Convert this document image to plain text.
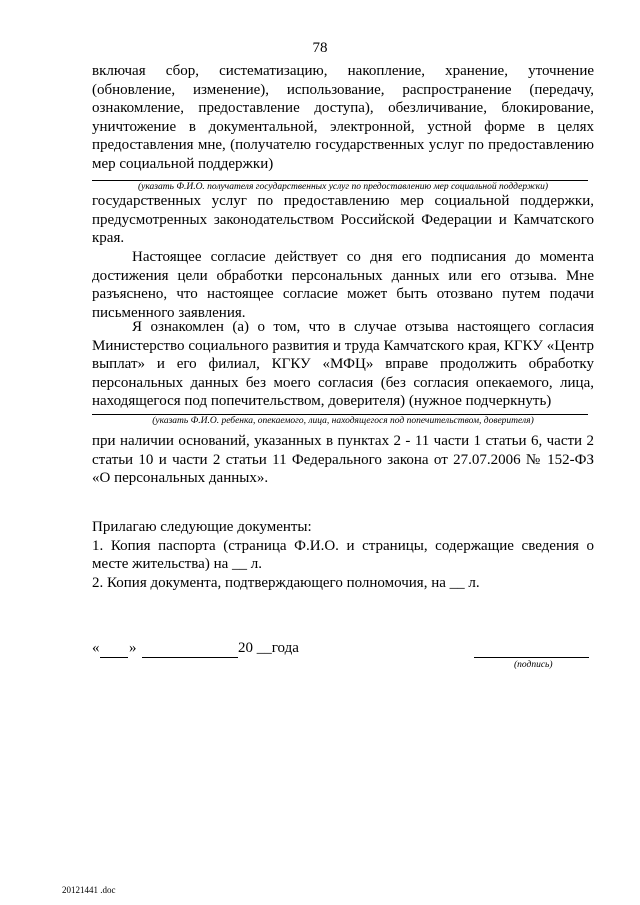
78

включая сбор, систематизацию, накопление, хранение, уточнение (обновление, изменение), использование, распространение (передачу, ознакомление, предоставление доступа), обезличивание, блокирование, уничтожение в документальной, электронной, устной форме в целях предоставления мне, (получателю государственных услуг по предоставлению мер социальной поддержки)

(указать Ф.И.О. получателя государственных услуг по предоставлению мер социальной поддержки)

государственных услуг по предоставлению мер социальной поддержки, предусмотренных законодательством Российской Федерации и Камчатского края.

Настоящее согласие действует со дня его подписания до момента достижения цели обработки персональных данных или его отзыва. Мне разъяснено, что настоящее согласие может быть отозвано путем подачи письменного заявления.

Я ознакомлен (а) о том, что в случае отзыва настоящего согласия Министерство социального развития и труда Камчатского края, КГКУ «Центр выплат» и его филиал, КГКУ «МФЦ» вправе продолжить обработку персональных данных без моего согласия (без согласия опекаемого, лица, находящегося под попечительством, доверителя) (нужное подчеркнуть)

(указать Ф.И.О. ребенка, опекаемого, лица, находящегося под попечительством, доверителя)

при наличии оснований, указанных в пунктах 2 - 11 части 1 статьи 6, части 2 статьи 10 и части 2 статьи 11 Федерального закона от 27.07.2006 № 152-ФЗ «О персональных данных».

Прилагаю следующие документы:

1. Копия паспорта (страница Ф.И.О. и страницы, содержащие сведения о месте жительства) на __ л.

2. Копия документа, подтверждающего полномочия, на __ л.

« »	20 __года
(подпись)
20121441 .doc
